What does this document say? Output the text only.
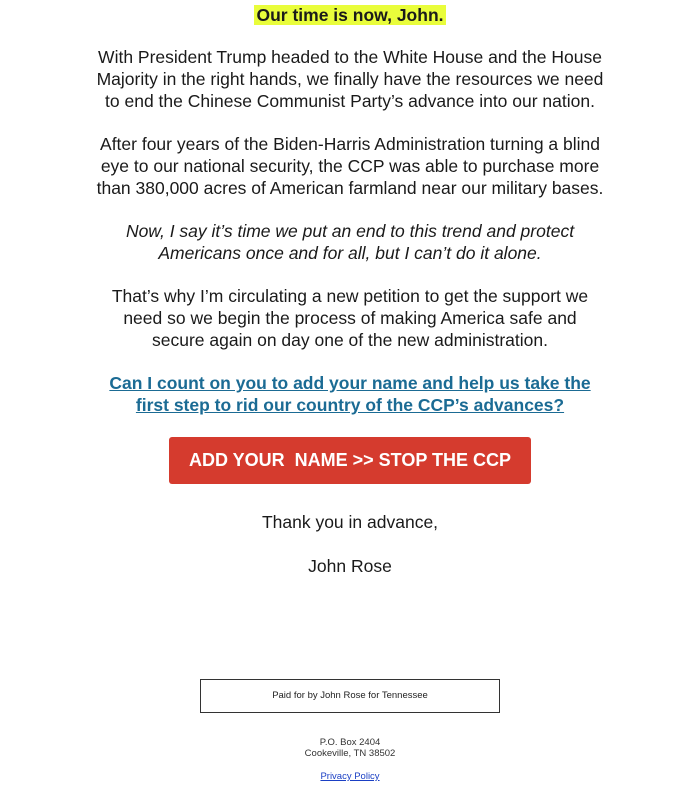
Our time is now, John.

With President Trump headed to the White House and the House Majority in the right hands, we finally have the resources we need to end the Chinese Communist Party’s advance into our nation.

After four years of the Biden-Harris Administration turning a blind eye to our national security, the CCP was able to purchase more than 380,000 acres of American farmland near our military bases.

Now, I say it’s time we put an end to this trend and protect Americans once and for all, but I can’t do it alone.

That’s why I’m circulating a new petition to get the support we need so we begin the process of making America safe and secure again on day one of the new administration.

Can I count on you to add your name and help us take the first step to rid our country of the CCP’s advances?
ADD YOUR  NAME >> STOP THE CCP

Thank you in advance,

John Rose

Paid for by John Rose for Tennessee
P.O. Box 2404
Cookeville, TN 38502
Privacy Policy
